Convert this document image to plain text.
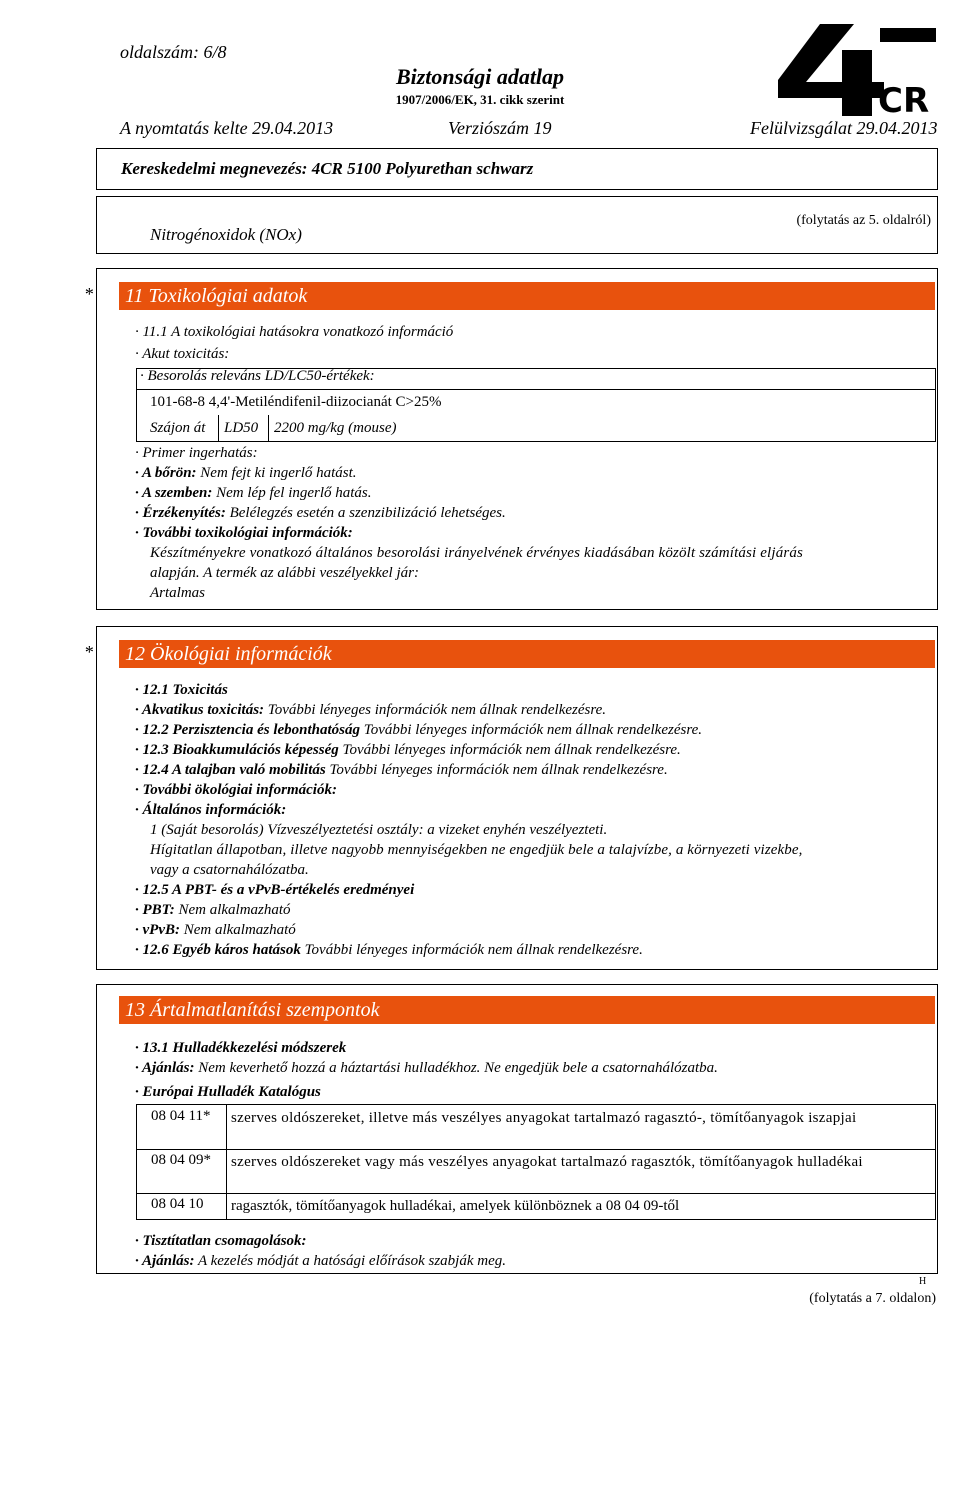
oldalszám: 6/8
Biztonsági adatlap
1907/2006/EK, 31. cikk szerint
A nyomtatás kelte 29.04.2013	Verziószám 19	Felülvizsgálat 29.04.2013
CR
Kereskedelmi megnevezés: 4CR 5100 Polyurethan schwarz
Nitrogénoxidok (NOx)
(folytatás az 5. oldalról)
*	11 Toxikológiai adatok
· 11.1 A toxikológiai hatásokra vonatkozó információ
· Akut toxicitás:
· Besorolás releváns LD/LC50-értékek:
101-68-8 4,4'-Metiléndifenil-diizocianát C>25%
Szájon át LD50 2200 mg/kg (mouse)
· Primer ingerhatás:
· A bőrön: Nem fejt ki ingerlő hatást.
· A szemben: Nem lép fel ingerlő hatás.
· Érzékenyítés: Belélegzés esetén a szenzibilizáció lehetséges.
· További toxikológiai információk:
Készítményekre vonatkozó általános besorolási irányelvének érvényes kiadásában közölt számítási eljárás
alapján. A termék az alábbi veszélyekkel jár:
Artalmas
*	12 Ökológiai információk
· 12.1 Toxicitás
· Akvatikus toxicitás: További lényeges információk nem állnak rendelkezésre.
· 12.2 Perzisztencia és lebonthatóság További lényeges információk nem állnak rendelkezésre.
· 12.3 Bioakkumulációs képesség További lényeges információk nem állnak rendelkezésre.
· 12.4 A talajban való mobilitás További lényeges információk nem állnak rendelkezésre.
· További ökológiai információk:
· Általános információk:
1 (Saját besorolás) Vízveszélyeztetési osztály: a vizeket enyhén veszélyezteti.
Hígitatlan állapotban, illetve nagyobb mennyiségekben ne engedjük bele a talajvízbe, a környezeti vizekbe,
vagy a csatornahálózatba.
· 12.5 A PBT- és a vPvB-értékelés eredményei
· PBT: Nem alkalmazható
· vPvB: Nem alkalmazható
· 12.6 Egyéb káros hatások További lényeges információk nem állnak rendelkezésre.
13 Ártalmatlanítási szempontok
· 13.1 Hulladékkezelési módszerek
· Ajánlás: Nem keverhető hozzá a háztartási hulladékhoz. Ne engedjük bele a csatornahálózatba.
· Európai Hulladék Katalógus
08 04 11* szerves oldószereket, illetve más veszélyes anyagokat tartalmazó ragasztó-, tömítőanyagok iszapjai
08 04 09* szerves oldószereket vagy más veszélyes anyagokat tartalmazó ragasztók, tömítőanyagok hulladékai
08 04 10 ragasztók, tömítőanyagok hulladékai, amelyek különböznek a 08 04 09-től
· Tisztítatlan csomagolások:
· Ajánlás: A kezelés módját a hatósági előírások szabják meg.
H
(folytatás a 7. oldalon)
